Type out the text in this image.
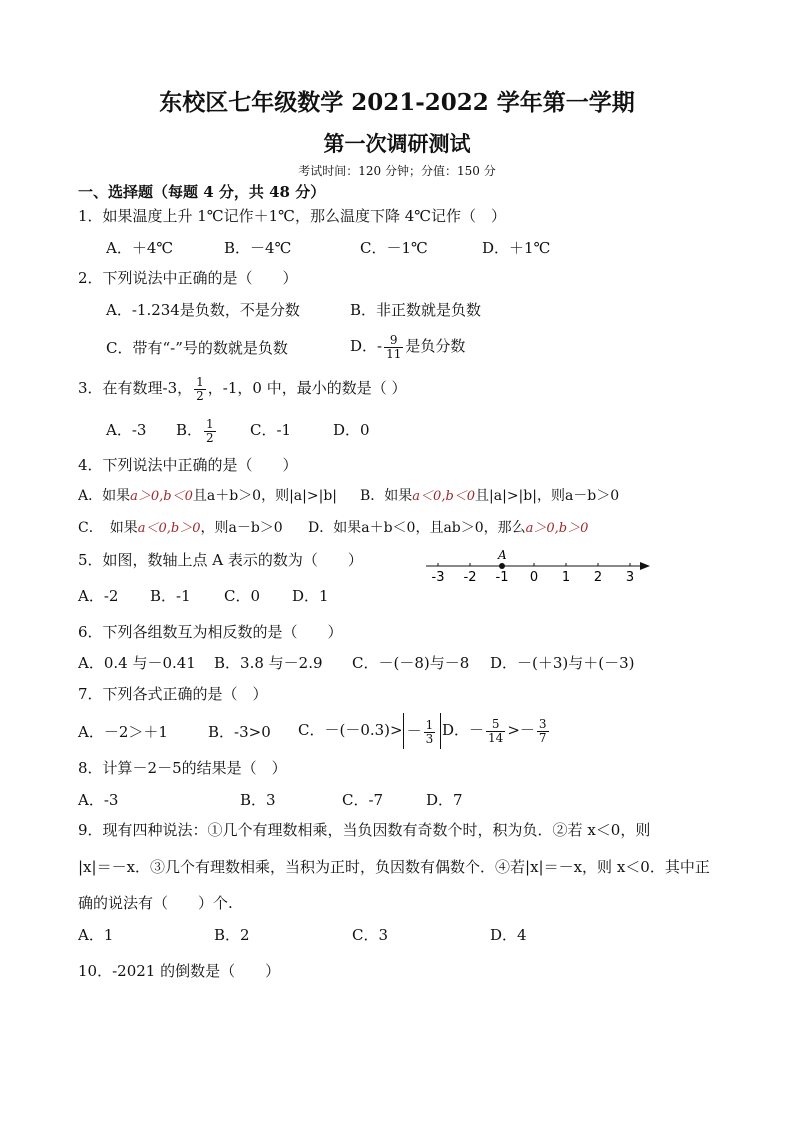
东校区七年级数学 2021-2022 学年第一学期
第一次调研测试
考试时间：120 分钟；分值：150 分
一、选择题（每题 4 分，共 48 分）
1．如果温度上升 1℃记作＋1℃，那么温度下降 4℃记作（　）
A．＋4℃	B．－4℃	C．－1℃	D．＋1℃
2．下列说法中正确的是（　　）
A．-1.234是负数，不是分数	B．非正数就是负数
C．带有“-”号的数就是负数	D．- $\frac{9}{11}$ 是负分数
3．在有数理-3， $\frac{1}{2}$ ，-1，0 中，最小的数是（ ）
A．-3 B． $\frac{1}{2}$ C．-1	D．0
4．下列说法中正确的是（　　）
A．如果a＞0,b＜0且a＋b＞0，则|a|>|b| B．如果a＜0,b＜0且|a|>|b|，则a－b＞0
C．　如果a＜0,b＞0，则a－b＞0 D．如果a＋b＜0，且ab＞0，那么a＞0,b＞0
5．如图，数轴上点 A 表示的数为（　　）
-3 -2 -1 0 1 2 3
A
A．-2 B．-1 C．0 D．1
6．下列各组数互为相反数的是（　　）
A．0.4 与－0.41 B．3.8 与－2.9 C．－(－8)与－8 D．－(＋3)与＋(－3)
7．下列各式正确的是（　）
A．－2＞＋1	B．-3>0 C．$-(-0.3)> - \frac{1}{3}$ D．－ $\frac{5}{14} >- \frac{3}{7}$
8．计算－2－5的结果是（　）
A．-3	B．3	C．-7	D．7
9．现有四种说法：①几个有理数相乘，当负因数有奇数个时，积为负．②若 x＜0，则
|x|＝－x．③几个有理数相乘，当积为正时，负因数有偶数个．④若|x|＝－x，则 x＜0．其中正
确的说法有（　　）个.
A．1	B．2	C．3	D．4
10．-2021 的倒数是（　　）
